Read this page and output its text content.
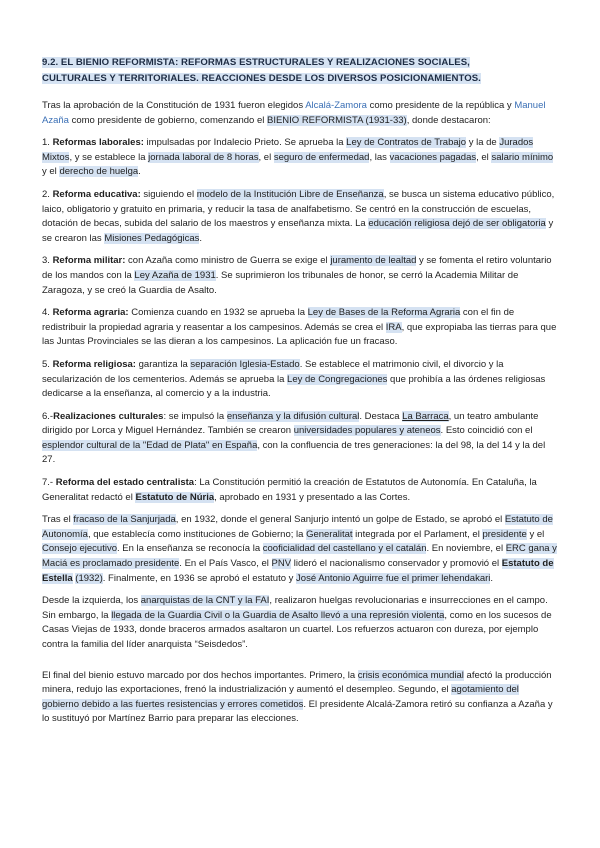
9.2. EL BIENIO REFORMISTA: REFORMAS ESTRUCTURALES Y REALIZACIONES SOCIALES,
CULTURALES Y TERRITORIALES. REACCIONES DESDE LOS DIVERSOS POSICIONAMIENTOS.

Tras la aprobación de la Constitución de 1931 fueron elegidos Alcalá-Zamora como presidente de la república y Manuel Azaña como presidente de gobierno, comenzando el BIENIO REFORMISTA (1931-33), donde destacaron:

1. Reformas laborales: impulsadas por Indalecio Prieto. Se aprueba la Ley de Contratos de Trabajo y la de Jurados Mixtos, y se establece la jornada laboral de 8 horas, el seguro de enfermedad, las vacaciones pagadas, el salario mínimo y el derecho de huelga.

2. Reforma educativa: siguiendo el modelo de la Institución Libre de Enseñanza, se busca un sistema educativo público, laico, obligatorio y gratuito en primaria, y reducir la tasa de analfabetismo. Se centró en la construcción de escuelas, dotación de becas, subida del salario de los maestros y enseñanza mixta. La educación religiosa dejó de ser obligatoria y se crearon las Misiones Pedagógicas.

3. Reforma militar: con Azaña como ministro de Guerra se exige el juramento de lealtad y se fomenta el retiro voluntario de los mandos con la Ley Azaña de 1931. Se suprimieron los tribunales de honor, se cerró la Academia Militar de Zaragoza, y se creó la Guardia de Asalto.

4. Reforma agraria: Comienza cuando en 1932 se aprueba la Ley de Bases de la Reforma Agraria con el fin de redistribuir la propiedad agraria y reasentar a los campesinos. Además se crea el IRA, que expropiaba las tierras para que las Juntas Provinciales se las dieran a los campesinos. La aplicación fue un fracaso.

5. Reforma religiosa: garantiza la separación Iglesia-Estado. Se establece el matrimonio civil, el divorcio y la secularización de los cementerios. Además se aprueba la Ley de Congregaciones que prohibía a las órdenes religiosas dedicarse a la enseñanza, al comercio y a la industria.

6.-Realizaciones culturales: se impulsó la enseñanza y la difusión cultural. Destaca La Barraca, un teatro ambulante dirigido por Lorca y Miguel Hernández. También se crearon universidades populares y ateneos. Esto coincidió con el esplendor cultural de la "Edad de Plata" en España, con la confluencia de tres generaciones: la del 98, la del 14 y la del 27.

7.- Reforma del estado centralista: La Constitución permitió la creación de Estatutos de Autonomía. En Cataluña, la Generalitat redactó el Estatuto de Núria, aprobado en 1931 y presentado a las Cortes.

Tras el fracaso de la Sanjurjada, en 1932, donde el general Sanjurjo intentó un golpe de Estado, se aprobó el Estatuto de Autonomía, que establecía como instituciones de Gobierno; la Generalitat integrada por el Parlament, el presidente y el Consejo ejecutivo. En la enseñanza se reconocía la cooficialidad del castellano y el catalán. En noviembre, el ERC gana y Maciá es proclamado presidente. En el País Vasco, el PNV lideró el nacionalismo conservador y promovió el Estatuto de Estella (1932). Finalmente, en 1936 se aprobó el estatuto y José Antonio Aguirre fue el primer lehendakari.

Desde la izquierda, los anarquistas de la CNT y la FAI, realizaron huelgas revolucionarias e insurrecciones en el campo. Sin embargo, la llegada de la Guardia Civil o la Guardia de Asalto llevó a una represión violenta, como en los sucesos de Casas Viejas de 1933, donde braceros armados asaltaron un cuartel. Los refuerzos actuaron con dureza, por ejemplo contra la familia del líder anarquista “Seisdedos”.

El final del bienio estuvo marcado por dos hechos importantes. Primero, la crisis económica mundial afectó la producción minera, redujo las exportaciones, frenó la industrialización y aumentó el desempleo. Segundo, el agotamiento del gobierno debido a las fuertes resistencias y errores cometidos. El presidente Alcalá-Zamora retiró su confianza a Azaña y lo sustituyó por Martínez Barrio para preparar las elecciones.
